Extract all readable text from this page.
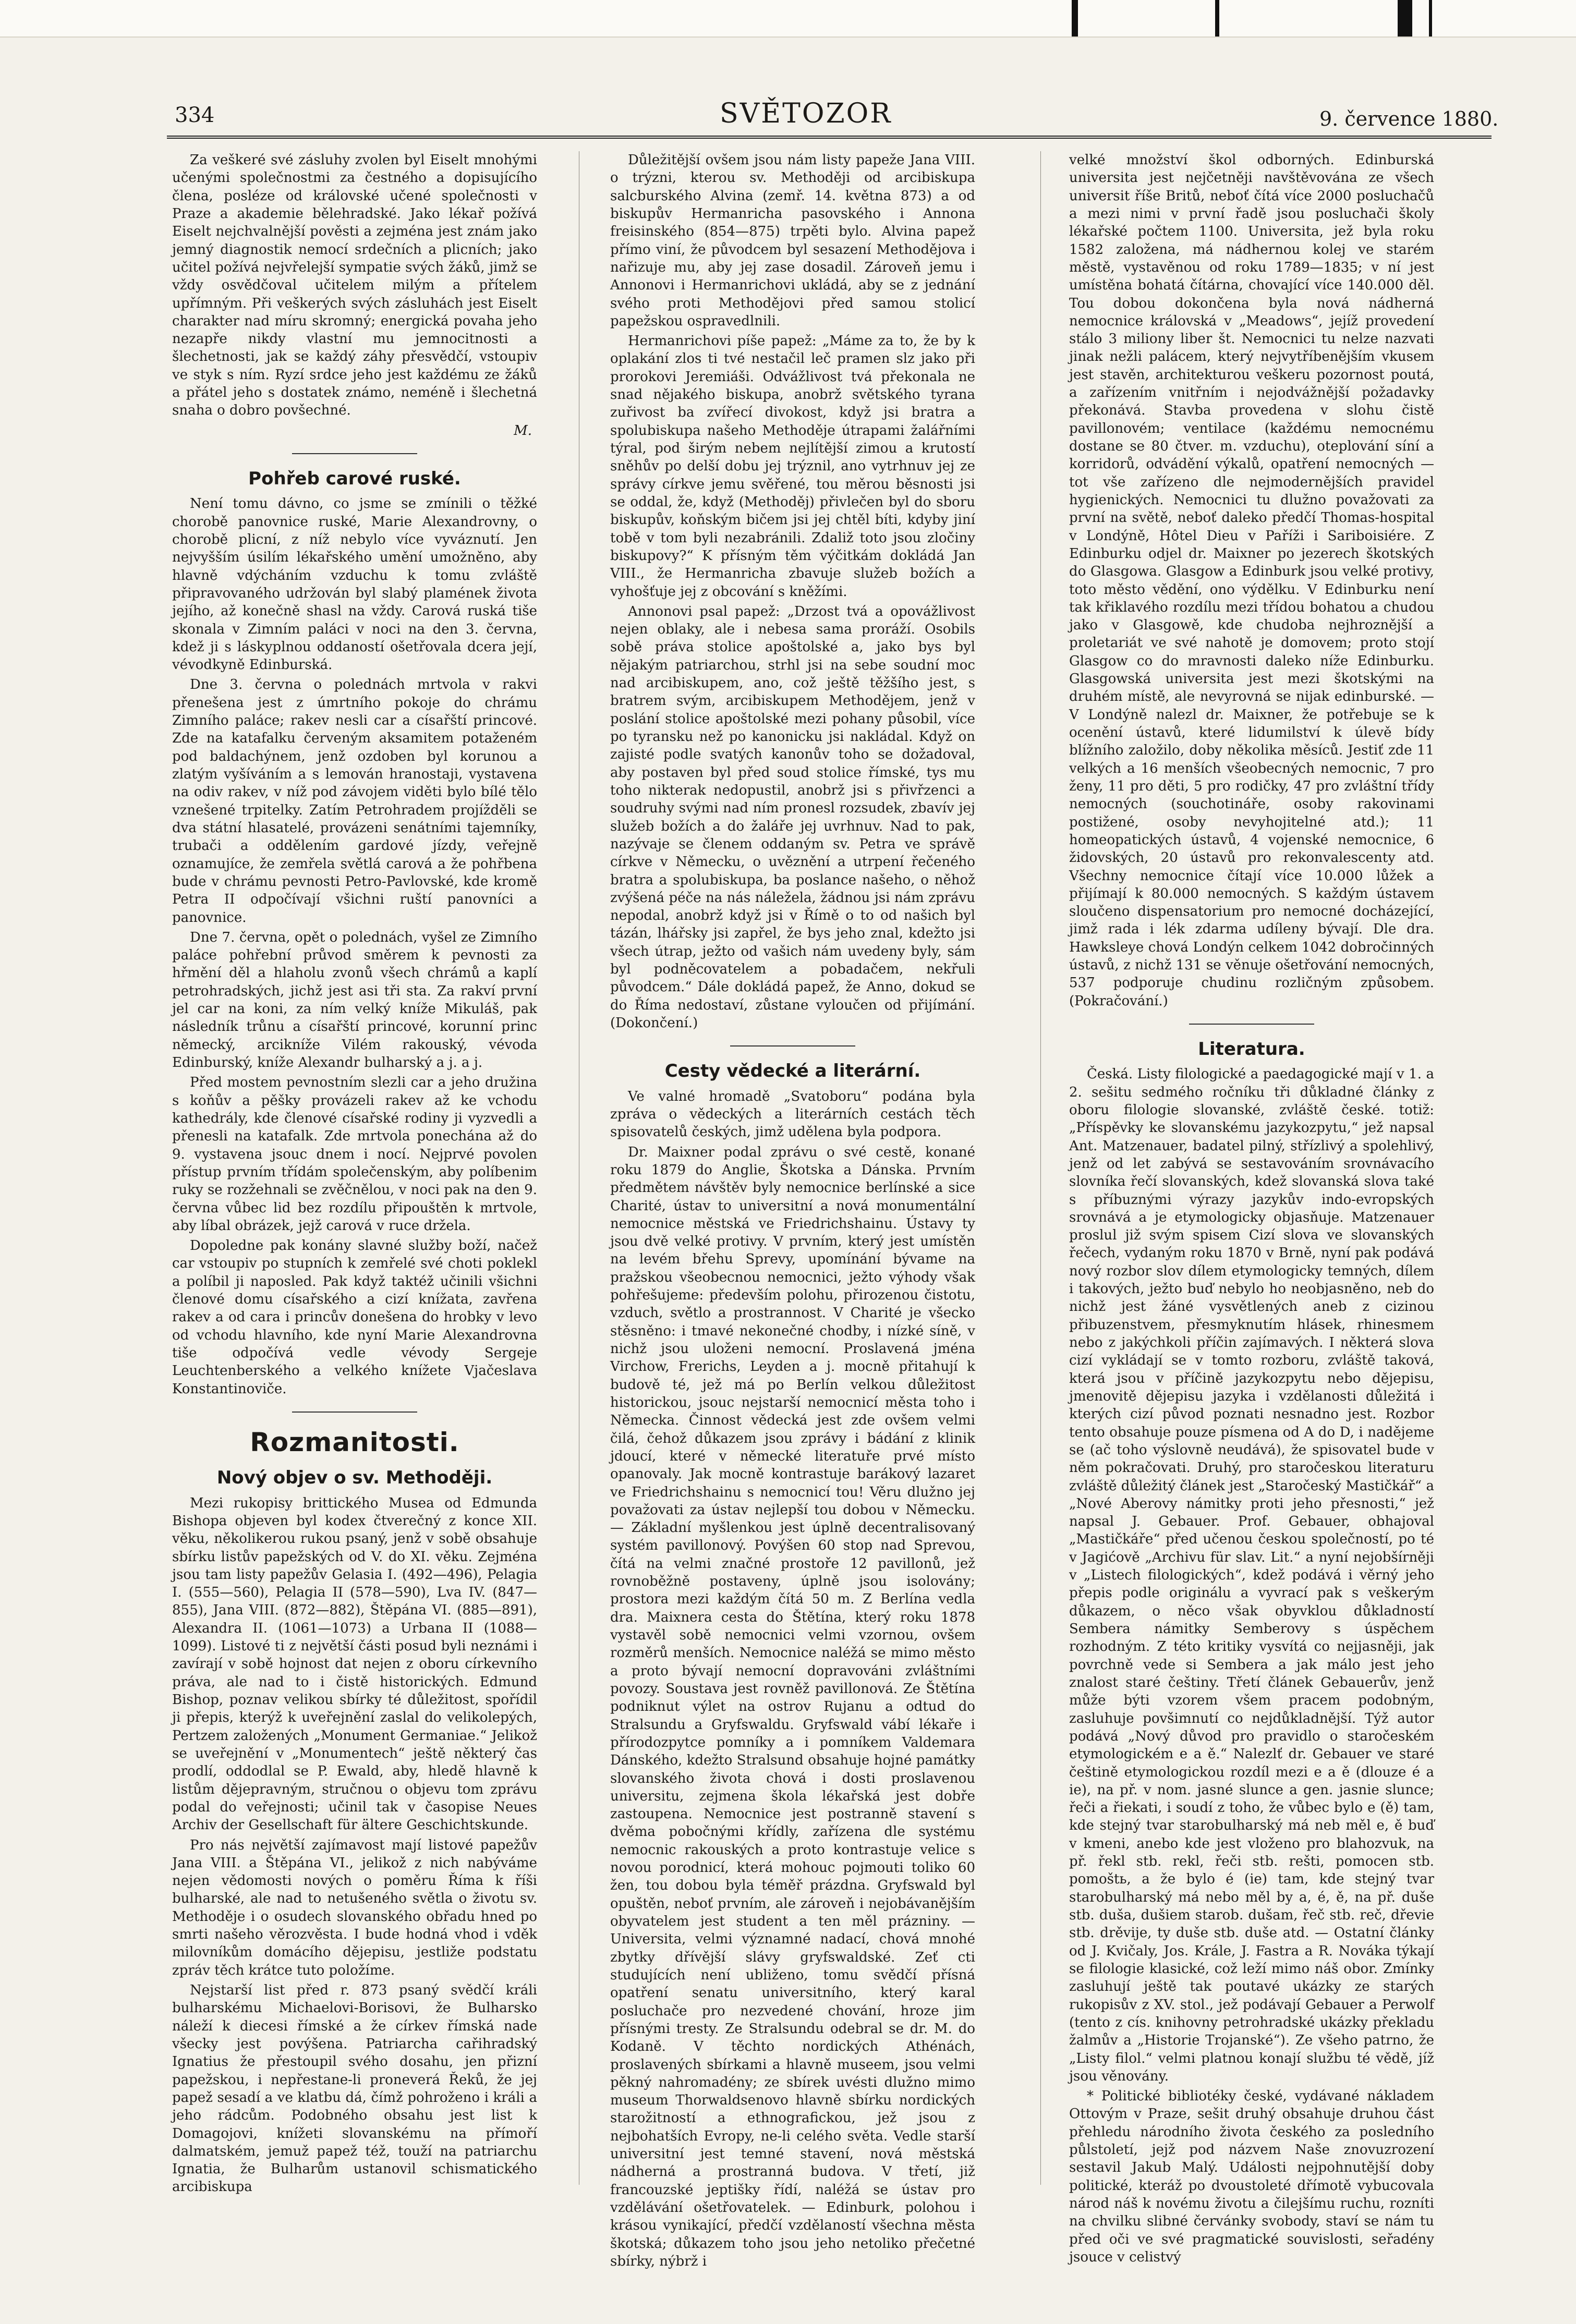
334	SVĚTOZOR	9. července 1880.

Za veškeré své zásluhy zvolen byl Eiselt mnohými učenými společnostmi za čestného a dopisujícího člena, posléze od královské učené společnosti v Praze a akademie bělehradské. Jako lékař požívá Eiselt nejchvalnější pověsti a zejména jest znám jako jemný diagnostik nemocí srdečních a plicních; jako učitel požívá nejvřelejší sympatie svých žáků, jimž se vždy osvědčoval učitelem milým a přítelem upřímným. Při veškerých svých zásluhách jest Eiselt charakter nad míru skromný; energická povaha jeho nezapře nikdy vlastní mu jemnocitnosti a šlechetnosti, jak se každý záhy přesvědčí, vstoupiv ve styk s ním. Ryzí srdce jeho jest každému ze žáků a přátel jeho s dostatek známo, neméně i šlechetná snaha o dobro povšechné.

M.
Pohřeb carové ruské.

Není tomu dávno, co jsme se zmínili o těžké chorobě panovnice ruské, Marie Alexandrovny, o chorobě plicní, z níž nebylo více vyváznutí. Jen nejvyšším úsilím lékařského umění umožněno, aby hlavně vdýcháním vzduchu k tomu zvláště připravovaného udržován byl slabý plamének života jejího, až konečně shasl na vždy. Carová ruská tiše skonala v Zimním paláci v noci na den 3. června, kdež ji s láskyplnou oddaností ošetřovala dcera její, vévodkyně Edinburská.

Dne 3. června o polednách mrtvola v rakvi přenešena jest z úmrtního pokoje do chrámu Zimního paláce; rakev nesli car a císařští princové. Zde na katafalku červeným aksamitem potaženém pod baldachýnem, jenž ozdoben byl korunou a zlatým vyšíváním a s lemován hranostaji, vystavena na odiv rakev, v níž pod závojem viděti bylo bílé tělo vznešené trpitelky. Zatím Petrohradem projížděli se dva státní hlasatelé, provázeni senátními tajemníky, trubači a oddělením gardové jízdy, veřejně oznamujíce, že zemřela světlá carová a že pohřbena bude v chrámu pevnosti Petro-Pavlovské, kde kromě Petra II odpočívají všichni ruští panovníci a panovnice.

Dne 7. června, opět o polednách, vyšel ze Zimního paláce pohřební průvod směrem k pevnosti za hřmění děl a hlaholu zvonů všech chrámů a kaplí petrohradských, jichž jest asi tři sta. Za rakví první jel car na koni, za ním velký kníže Mikuláš, pak následník trůnu a císařští princové, korunní princ německý, arcikníže Vilém rakouský, vévoda Edinburský, kníže Alexandr bulharský a j. a j.

Před mostem pevnostním slezli car a jeho družina s koňův a pěšky provázeli rakev až ke vchodu kathedrály, kde členové císařské rodiny ji vyzvedli a přenesli na katafalk. Zde mrtvola ponechána až do 9. vystavena jsouc dnem i nocí. Nejprvé povolen přístup prvním třídám společenským, aby políbenim ruky se rozžehnali se zvěčnělou, v noci pak na den 9. června vůbec lid bez rozdílu připouštěn k mrtvole, aby líbal obrázek, jejž carová v ruce držela.

Dopoledne pak konány slavné služby boží, načež car vstoupiv po stupních k zemřelé své choti poklekl a políbil ji naposled. Pak když taktéž učinili všichni členové domu císařského a cizí knížata, zavřena rakev a od cara i princův donešena do hrobky v levo od vchodu hlavního, kde nyní Marie Alexandrovna tiše odpočívá vedle vévody Sergeje Leuchtenberského a velkého knížete Vjačeslava Konstantinoviče.

Rozmanitosti.
Nový objev o sv. Methoději.

Mezi rukopisy brittického Musea od Edmunda Bishopa objeven byl kodex čtverečný z konce XII. věku, několikerou rukou psaný, jenž v sobě obsahuje sbírku listův papežských od V. do XI. věku. Zejména jsou tam listy papežův Gelasia I. (492—496), Pelagia I. (555—560), Pelagia II (578—590), Lva IV. (847—855), Jana VIII. (872—882), Štěpána VI. (885—891), Alexandra II. (1061—1073) a Urbana II (1088—1099). Listové ti z největší části posud byli neznámi i zavírají v sobě hojnost dat nejen z oboru církevního práva, ale nad to i čistě historických. Edmund Bishop, poznav velikou sbírky té důležitost, spořídil ji přepis, kterýž k uveřejnění zaslal do velikolepých, Pertzem založených „Monument Germaniae.“ Jelikož se uveřejnění v „Monumentech“ ještě některý čas prodlí, oddodlal se P. Ewald, aby, hledě hlavně k listům dějepravným, stručnou o objevu tom zprávu podal do veřejnosti; učinil tak v časopise Neues Archiv der Gesellschaft für ältere Geschichtskunde.

Pro nás největší zajímavost mají listové papežův Jana VIII. a Štěpána VI., jelikož z nich nabýváme nejen vědomosti nových o poměru Říma k říši bulharské, ale nad to netušeného světla o životu sv. Methoděje i o osudech slovanského obřadu hned po smrti našeho věrozvěsta. I bude hodná vhod i vděk milovníkům domácího dějepisu, jestliže podstatu zpráv těch krátce tuto položíme.

Nejstarší list před r. 873 psaný svědčí králi bulharskému Michaelovi-Borisovi, že Bulharsko náleží k diecesi římské a že církev římská nade všecky jest povýšena. Patriarcha cařihradský Ignatius že přestoupil svého dosahu, jen přizní papežskou, i nepřestane-li proneverá Řeků, že jej papež sesadí a ve klatbu dá, čímž pohroženo i králi a jeho rádcům. Podobného obsahu jest list k Domagojovi, knížeti slovanskému na přímoří dalmatském, jemuž papež též, touží na patriarchu Ignatia, že Bulharům ustanovil schismatického arcibiskupa

Důležitější ovšem jsou nám listy papeže Jana VIII. o trýzni, kterou sv. Methoději od arcibiskupa salcburského Alvina (zemř. 14. května 873) a od biskupův Hermanricha pasovského i Annona freisinského (854—875) trpěti bylo. Alvina papež přímo viní, že původcem byl sesazení Methodějova i nařizuje mu, aby jej zase dosadil. Zároveň jemu i Annonovi i Hermanrichovi ukládá, aby se z jednání svého proti Methodějovi před samou stolicí papežskou ospravedlnili.

Hermanrichovi píše papež: „Máme za to, že by k oplakání zlos ti tvé nestačil leč pramen slz jako při prorokovi Jeremiáši. Odvážlivost tvá překonala ne snad nějakého biskupa, anobrž světského tyrana zuřivost ba zvířecí divokost, když jsi bratra a spolubiskupa našeho Methoděje útrapami žalářními týral, pod širým nebem nejlítější zimou a krutostí sněhův po delší dobu jej trýznil, ano vytrhnuv jej ze správy církve jemu svěřené, tou měrou běsnosti jsi se oddal, že, když (Methoděj) přivlečen byl do sboru biskupův, koňským bičem jsi jej chtěl bíti, kdyby jiní tobě v tom byli nezabránili. Zdaliž toto jsou zločiny biskupovy?“ K přísným těm výčitkám dokládá Jan VIII., že Hermanricha zbavuje služeb božích a vyhošťuje jej z obcování s kněžími.

Annonovi psal papež: „Drzost tvá a opovážlivost nejen oblaky, ale i nebesa sama proráží. Osobils sobě práva stolice apoštolské a, jako bys byl nějakým patriarchou, strhl jsi na sebe soudní moc nad arcibiskupem, ano, což ještě těžšího jest, s bratrem svým, arcibiskupem Methodějem, jenž v poslání stolice apoštolské mezi pohany působil, více po tyransku než po kanonicku jsi nakládal. Když on zajisté podle svatých kanonův toho se dožadoval, aby postaven byl před soud stolice římské, tys mu toho nikterak nedopustil, anobrž jsi s přivřzenci a soudruhy svými nad ním pronesl rozsudek, zbavív jej služeb božích a do žaláře jej uvrhnuv. Nad to pak, nazývaje se členem oddaným sv. Petra ve správě církve v Německu, o uvěznění a utrpení řečeného bratra a spolubiskupa, ba poslance našeho, o něhož zvýšená péče na nás náležela, žádnou jsi nám zprávu nepodal, anobrž když jsi v Římě o to od našich byl tázán, lhářsky jsi zapřel, že bys jeho znal, kdežto jsi všech útrap, ježto od vašich nám uvedeny byly, sám byl podněcovatelem a pobadačem, nekřuli původcem.“ Dále dokládá papež, že Anno, dokud se do Říma nedostaví, zůstane vyloučen od přijímání. (Dokončení.)

Cesty vědecké a literární.

Ve valné hromadě „Svatoboru“ podána byla zpráva o vědeckých a literárních cestách těch spisovatelů českých, jimž udělena byla podpora.

Dr. Maixner podal zprávu o své cestě, konané roku 1879 do Anglie, Škotska a Dánska. Prvním předmětem návštěv byly nemocnice berlínské a sice Charité, ústav to universitní a nová monumentální nemocnice městská ve Friedrichshainu. Ústavy ty jsou dvě velké protivy. V prvním, který jest umístěn na levém břehu Sprevy, upomínání bývame na pražskou všeobecnou nemocnici, ježto výhody však pohřešujeme: především polohu, přirozenou čistotu, vzduch, světlo a prostrannost. V Charité je všecko stěsněno: i tmavé nekonečné chodby, i nízké síně, v nichž jsou uloženi nemocní. Proslavená jména Virchow, Frerichs, Leyden a j. mocně přitahují k budově té, jež má po Berlín velkou důležitost historickou, jsouc nejstarší nemocnicí města toho i Německa. Činnost vědecká jest zde ovšem velmi čilá, čehož důkazem jsou zprávy i bádání z klinik jdoucí, které v německé literatuře prvé místo opanovaly. Jak mocně kontrastuje barákový lazaret ve Friedrichshainu s nemocnicí tou! Věru dlužno jej považovati za ústav nejlepší tou dobou v Německu. — Základní myšlenkou jest úplně decentralisovaný systém pavillonový. Povýšen 60 stop nad Sprevou, čítá na velmi značné prostoře 12 pavillonů, jež rovnoběžně postaveny, úplně jsou isolovány; prostora mezi každým čítá 50 m. Z Berlína vedla dra. Maixnera cesta do Štětína, který roku 1878 vystavěl sobě nemocnici velmi vzornou, ovšem rozměrů menších. Nemocnice naléžá se mimo město a proto bývají nemocní dopravováni zvláštními povozy. Soustava jest rovněž pavillonová. Ze Štětína podniknut výlet na ostrov Rujanu a odtud do Stralsundu a Gryfswaldu. Gryfswald vábí lékaře i přírodozpytce pomníky a i pomníkem Valdemara Dánského, kdežto Stralsund obsahuje hojné památky slovanského života chová i dosti proslavenou universitu, zejmena škola lékařská jest dobře zastoupena. Nemocnice jest postranně stavení s dvěma pobočnými křídly, zařízena dle systému nemocnic rakouských a proto kontrastuje velice s novou porodnicí, která mohouc pojmouti toliko 60 žen, tou dobou byla téměř prázdna. Gryfswald byl opuštěn, neboť prvním, ale zároveň i nejobávanějším obyvatelem jest student a ten měl prázniny. — Universita, velmi významné nadací, chová mnohé zbytky dřívější slávy gryfswaldské. Zeť cti studujících není ubliženo, tomu svědčí přísná opatření senatu universitního, který karal posluchače pro nezvedené chování, hroze jim přísnými tresty. Ze Stralsundu odebral se dr. M. do Kodaně. V těchto nordických Athénách, proslavených sbírkami a hlavně museem, jsou velmi pěkný nahromadény; ze sbírek uvésti dlužno mimo museum Thorwaldsenovo hlavně sbírku nordických starožitností a ethnografickou, jež jsou z nejbohatších Evropy, ne-li celého světa. Vedle starší universitní jest temné stavení, nová městská nádherná a prostranná budova. V třetí, již francouzské jeptišky řídí, naléžá se ústav pro vzdělávání ošetřovatelek. — Edinburk, polohou i krásou vynikající, předčí vzdělaností všechna města škotská; důkazem toho jsou jeho netoliko přečetné sbírky, nýbrž i

velké množství škol odborných. Edinburská universita jest nejčetněji navštěvována ze všech universit říše Britů, neboť čítá více 2000 posluchačů a mezi nimi v první řadě jsou posluchači školy lékařské počtem 1100. Universita, jež byla roku 1582 založena, má nádhernou kolej ve starém městě, vystavěnou od roku 1789—1835; v ní jest umístěna bohatá čítárna, chovající více 140.000 děl. Tou dobou dokončena byla nová nádherná nemocnice královská v „Meadows“, jejíž provedení stálo 3 miliony liber št. Nemocnici tu nelze nazvati jinak nežli palácem, který nejvytříbenějším vkusem jest stavěn, architekturou veškeru pozornost poutá, a zařízením vnitřním i nejodvážnější požadavky překonává. Stavba provedena v slohu čistě pavillonovém; ventilace (každému nemocnému dostane se 80 čtver. m. vzduchu), oteplování síní a korridorů, odvádění výkalů, opatření nemocných — tot vše zařízeno dle nejmodernějších pravidel hygienických. Nemocnici tu dlužno považovati za první na světě, neboť daleko předčí Thomas-hospital v Londýně, Hôtel Dieu v Paříži i Sariboisiére. Z Edinburku odjel dr. Maixner po jezerech škotských do Glasgowa. Glasgow a Edinburk jsou velké protivy, toto město vědění, ono výdělku. V Edinburku není tak křiklavého rozdílu mezi třídou bohatou a chudou jako v Glasgowě, kde chudoba nejhroznější a proletariát ve své nahotě je domovem; proto stojí Glasgow co do mravnosti daleko níže Edinburku. Glasgowská universita jest mezi škotskými na druhém místě, ale nevyrovná se nijak edinburské. — V Londýně nalezl dr. Maixner, že potřebuje se k ocenění ústavů, které lidumilství k úlevě bídy blížního založilo, doby několika měsíců. Jestiť zde 11 velkých a 16 menších všeobecných nemocnic, 7 pro ženy, 11 pro děti, 5 pro rodičky, 47 pro zvláštní třídy nemocných (souchotináře, osoby rakovinami postižené, osoby nevyhojitelné atd.); 11 homeopatických ústavů, 4 vojenské nemocnice, 6 židovských, 20 ústavů pro rekonvalescenty atd. Všechny nemocnice čítají více 10.000 lůžek a přijímají k 80.000 nemocných. S každým ústavem sloučeno dispensatorium pro nemocné docházející, jimž rada i lék zdarma udíleny bývají. Dle dra. Hawksleye chová Londýn celkem 1042 dobročinných ústavů, z nichž 131 se věnuje ošetřování nemocných, 537 podporuje chudinu rozličným způsobem. (Pokračování.)

Literatura.

Česká. Listy filologické a paedagogické mají v 1. a 2. sešitu sedmého ročníku tři důkladné články z oboru filologie slovanské, zvláště české. totiž: „Příspěvky ke slovanskému jazykozpytu,“ jež napsal Ant. Matzenauer, badatel pilný, střízlivý a spolehlivý, jenž od let zabývá se sestavováním srovnávacího slovníka řečí slovanských, kdež slovanská slova také s příbuznými výrazy jazykův indo-evropských srovnává a je etymologicky objasňuje. Matzenauer proslul již svým spisem Cizí slova ve slovanských řečech, vydaným roku 1870 v Brně, nyní pak podává nový rozbor slov dílem etymologicky temných, dílem i takových, ježto buď nebylo ho neobjasněno, neb do nichž jest žáné vysvětlených aneb z cizinou přibuzenstvem, přesmyknutím hlásek, rhinesmem nebo z jakýchkoli příčin zajímavých. I některá slova cizí vykládají se v tomto rozboru, zvláště taková, která jsou v příčině jazykozpytu nebo dějepisu, jmenovitě dějepisu jazyka i vzdělanosti důležitá i kterých cizí původ poznati nesnadno jest. Rozbor tento obsahuje pouze písmena od A do D, i nadějeme se (ač toho výslovně neudává), že spisovatel bude v něm pokračovati. Druhý, pro staročeskou literaturu zvláště důležitý článek jest „Staročeský Mastičkář“ a „Nové Aberovy námitky proti jeho přesnosti,“ jež napsal J. Gebauer. Prof. Gebauer, obhajoval „Mastičkáře“ před učenou českou společností, po té v Jagićově „Archivu für slav. Lit.“ a nyní nejobšírněji v „Listech filologických“, kdež podává i věrný jeho přepis podle originálu a vyvrací pak s veškerým důkazem, o něco však obyvklou důkladností Sembera námitky Semberovy s úspěchem rozhodným. Z této kritiky vysvítá co nejjasněji, jak povrchně vede si Sembera a jak málo jest jeho znalost staré češtiny. Třetí článek Gebauerův, jenž může býti vzorem všem pracem podobným, zasluhuje povšimnutí co nejdůkladnější. Týž autor podává „Nový důvod pro pravidlo o staročeském etymologickém e a ě.“ Nalezlť dr. Gebauer ve staré češtině etymologickou rozdíl mezi e a ě (dlouze é a ie), na př. v nom. jasné slunce a gen. jasnie slunce; řeči a řiekati, i soudí z toho, že vůbec bylo e (ě) tam, kde stejný tvar starobulharský má neb měl e, ě buď v kmeni, anebo kde jest vloženo pro blahozvuk, na př. řekl stb. rekl, řeči stb. rešti, pomocen stb. pomoštь, a že bylo é (ie) tam, kde stejný tvar starobulharský má nebo měl by a, é, ě, na př. duše stb. duša, dušiem starob. dušam, řeč stb. reč, dřevie stb. drěvije, ty duše stb. duše atd. — Ostatní články od J. Kvičaly, Jos. Krále, J. Fastra a R. Nováka týkají se filologie klasické, což leží mimo náš obor. Zmínky zasluhují ještě tak poutavé ukázky ze starých rukopisův z XV. stol., jež podávají Gebauer a Perwolf (tento z cís. knihovny petrohradské ukázky překladu žalmův a „Historie Trojanské“). Ze všeho patrno, že „Listy filol.“ velmi platnou konají službu té vědě, jíž jsou věnovány.

* Politické bibliotéky české, vydávané nákladem Ottovým v Praze, sešit druhý obsahuje druhou část přehledu národního života českého za posledního půlstoletí, jejž pod názvem Naše znovuzrození sestavil Jakub Malý. Události nejpohnutější doby politické, kteráž po dvoustoleté dřímotě vybucovala národ náš k novému životu a čilejšímu ruchu, rozníti na chvilku slibné červánky svobody, staví se nám tu před oči ve své pragmatické souvislosti, seřadény jsouce v celistvý
